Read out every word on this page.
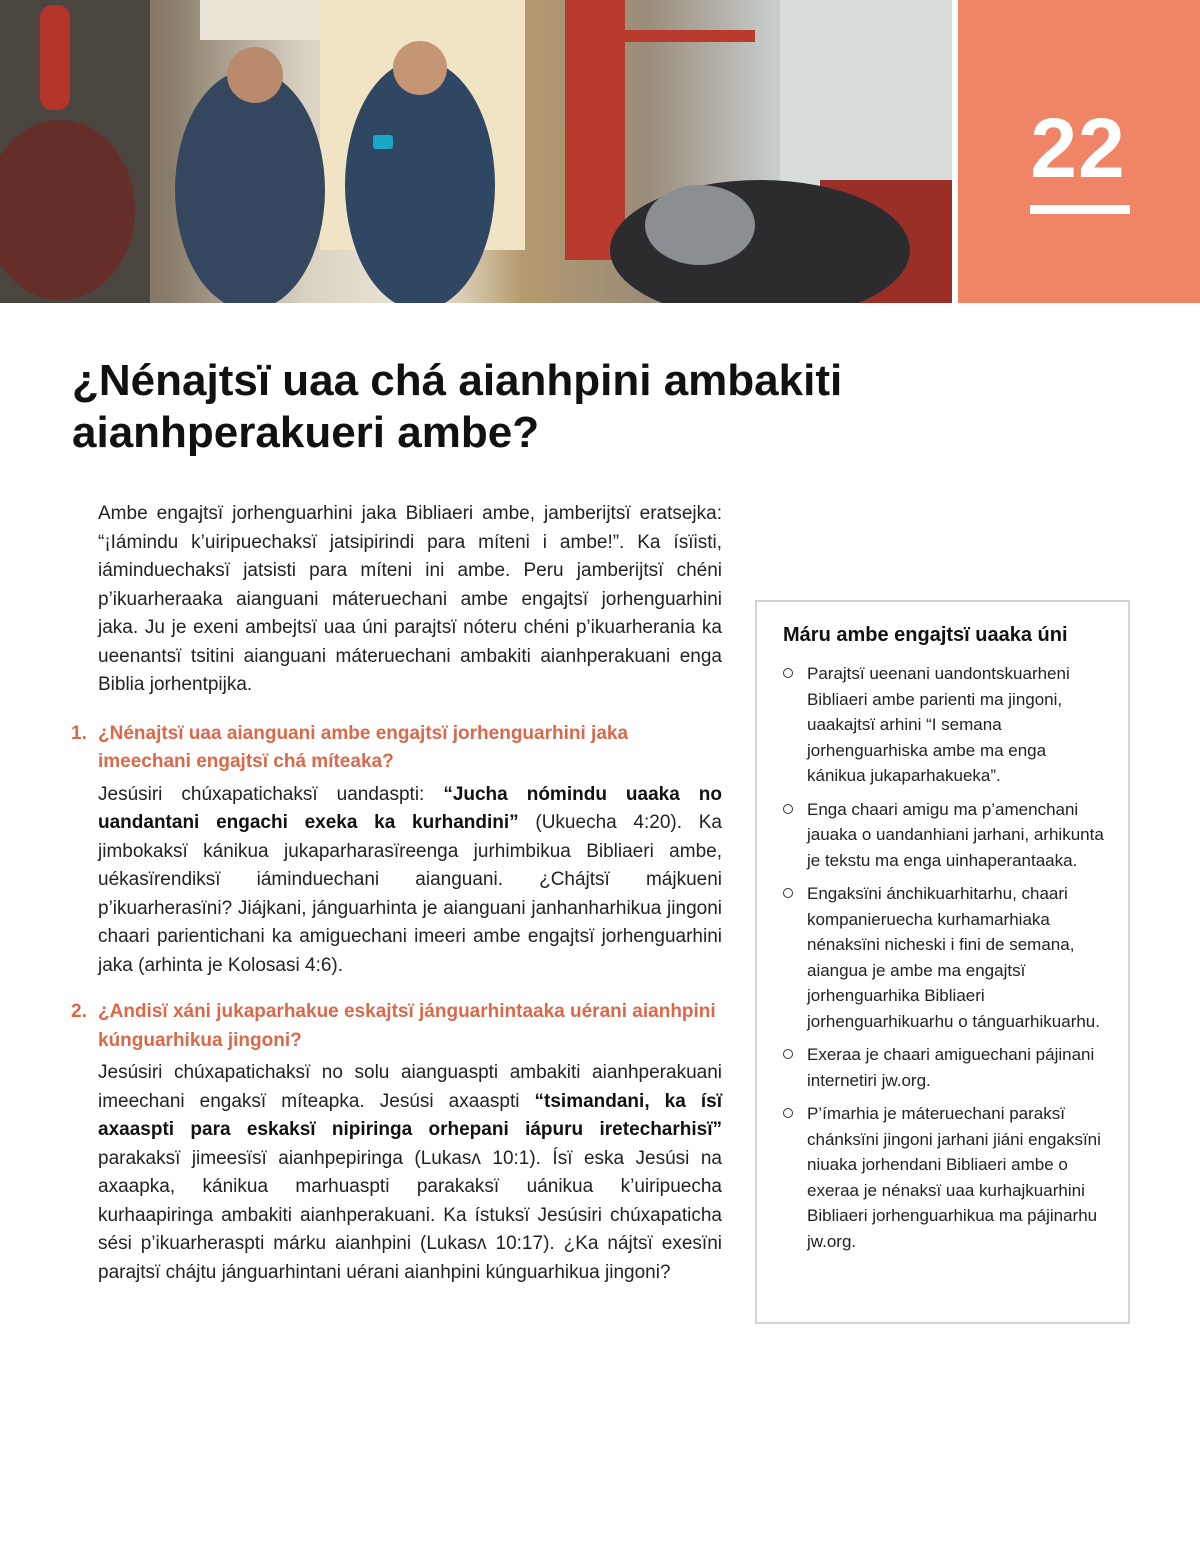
22
¿Nénajtsï uaa chá aianhpini ambakiti aianhperakueri ambe?

Ambe engajtsï jorhenguarhini jaka Bibliaeri ambe, jamberijtsï eratsejka: “¡Iámindu k’uiripuechaksï jatsipirindi para míteni i ambe!”. Ka ísïisti, iáminduechaksï jatsisti para míteni ini ambe. Peru jamberijtsï chéni p’ikuarheraaka aianguani máteruechani ambe engajtsï jorhenguarhini jaka. Ju je exeni ambejtsï uaa úni parajtsï nóteru chéni p’ikuarherania ka ueenantsï tsitini aianguani máteruechani ambakiti aianhperakuani enga Biblia jorhentpijka.

1. ¿Nénajtsï uaa aianguani ambe engajtsï jorhenguarhini jaka imeechani engajtsï chá míteaka?

Jesúsiri chúxapatichaksï uandaspti: “Jucha nómindu uaaka no uandantani engachi exeka ka kurhandini” (Ukuecha 4:20). Ka jimbokaksï kánikua jukaparharasïreenga jurhimbikua Bibliaeri ambe, uékasïrendiksï iáminduechani aianguani. ¿Chájtsï májkueni p’ikuarherasïni? Jiájkani, jánguarhinta je aianguani janhanharhikua jingoni chaari parientichani ka amiguechani imeeri ambe engajtsï jorhenguarhini jaka (arhinta je Kolosasi 4:6).

2. ¿Andisï xáni jukaparhakue eskajtsï jánguarhintaaka uérani aianhpini kúnguarhikua jingoni?

Jesúsiri chúxapatichaksï no solu aianguaspti ambakiti aianhperakuani imeechani engaksï míteapka. Jesúsi axaaspti “tsimandani, ka ísï axaaspti para eskaksï nipiringa orhepani iápuru iretecharhisï” parakaksï jimeesïsï aianhpepiringa (Lukasᴧ 10:1). Ísï eska Jesúsi na axaapka, kánikua marhuaspti parakaksï uánikua k’uiripuecha kurhaapiringa ambakiti aianhperakuani. Ka ístuksï Jesúsiri chúxapaticha sési p’ikuarheraspti márku aianhpini (Lukasᴧ 10:17). ¿Ka nájtsï exesïni parajtsï chájtu jánguarhintani uérani aianhpini kúnguarhikua jingoni?

Máru ambe engajtsï uaaka úni
Parajtsï ueenani uandontskuarheni Bibliaeri ambe parienti ma jingoni, uaakajtsï arhini “I semana jorhenguarhiska ambe ma enga kánikua jukaparhakueka”.
Enga chaari amigu ma p’amenchani jauaka o uandanhiani jarhani, arhikunta je tekstu ma enga uinhaperantaaka.
Engaksïni ánchikuarhitarhu, chaari kompanieruecha kurhamarhiaka nénaksïni nicheski i fini de semana, aiangua je ambe ma engajtsï jorhenguarhika Bibliaeri jorhenguarhikuarhu o tánguarhikuarhu.
Exeraa je chaari amiguechani pájinani internetiri jw.org.
P’ímarhia je máteruechani paraksï chánksïni jingoni jarhani jiáni engaksïni niuaka jorhendani Bibliaeri ambe o exeraa je nénaksï uaa kurhajkuarhini Bibliaeri jorhenguarhikua ma pájinarhu jw.org.
